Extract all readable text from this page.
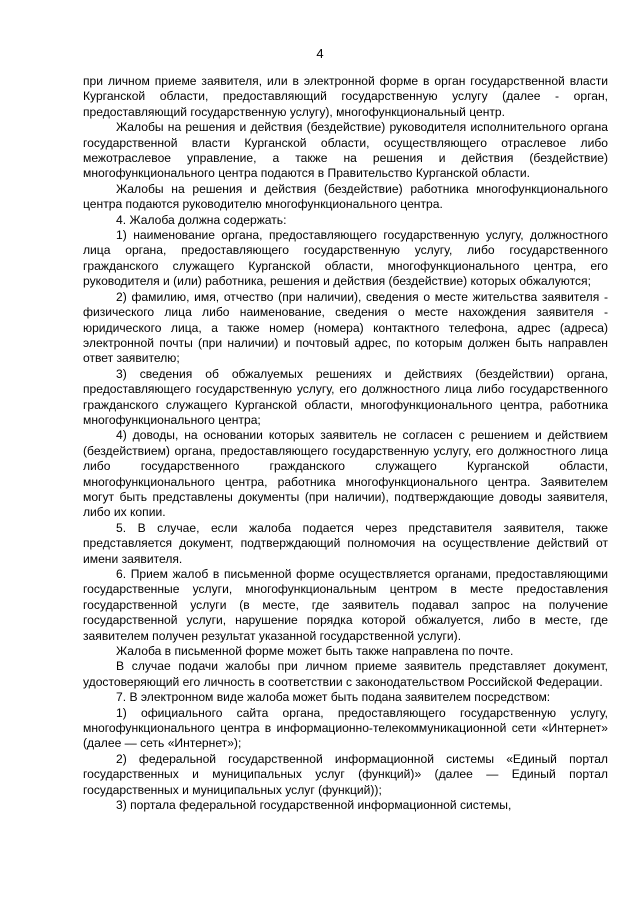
4

при личном приеме заявителя, или в электронной форме в орган государственной власти Курганской области, предоставляющий государственную услугу (далее - орган, предоставляющий государственную услугу), многофункциональный центр.

Жалобы на решения и действия (бездействие) руководителя исполнительного органа государственной власти Курганской области, осуществляющего отраслевое либо межотраслевое управление, а также на решения и действия (бездействие) многофункционального центра подаются в Правительство Курганской области.

Жалобы на решения и действия (бездействие) работника многофункционального центра подаются руководителю многофункционального центра.

4. Жалоба должна содержать:

1) наименование органа, предоставляющего государственную услугу, должностного лица органа, предоставляющего государственную услугу, либо государственного гражданского служащего Курганской области, многофункционального центра, его руководителя и (или) работника, решения и действия (бездействие) которых обжалуются;

2) фамилию, имя, отчество (при наличии), сведения о месте жительства заявителя - физического лица либо наименование, сведения о месте нахождения заявителя - юридического лица, а также номер (номера) контактного телефона, адрес (адреса) электронной почты (при наличии) и почтовый адрес, по которым должен быть направлен ответ заявителю;

3) сведения об обжалуемых решениях и действиях (бездействии) органа, предоставляющего государственную услугу, его должностного лица либо государственного гражданского служащего Курганской области, многофункционального центра, работника многофункционального центра;

4) доводы, на основании которых заявитель не согласен с решением и действием (бездействием) органа, предоставляющего государственную услугу, его должностного лица либо государственного гражданского служащего Курганской области, многофункционального центра, работника многофункционального центра. Заявителем могут быть представлены документы (при наличии), подтверждающие доводы заявителя, либо их копии.

5. В случае, если жалоба подается через представителя заявителя, также представляется документ, подтверждающий полномочия на осуществление действий от имени заявителя.

6. Прием жалоб в письменной форме осуществляется органами, предоставляющими государственные услуги, многофункциональным центром в месте предоставления государственной услуги (в месте, где заявитель подавал запрос на получение государственной услуги, нарушение порядка которой обжалуется, либо в месте, где заявителем получен результат указанной государственной услуги).

Жалоба в письменной форме может быть также направлена по почте.

В случае подачи жалобы при личном приеме заявитель представляет документ, удостоверяющий его личность в соответствии с законодательством Российской Федерации.

7. В электронном виде жалоба может быть подана заявителем посредством:

1) официального сайта органа, предоставляющего государственную услугу, многофункционального центра в информационно-телекоммуникационной сети «Интернет» (далее — сеть «Интернет»);

2) федеральной государственной информационной системы «Единый портал государственных и муниципальных услуг (функций)» (далее — Единый портал государственных и муниципальных услуг (функций));

3) портала федеральной государственной информационной системы,
